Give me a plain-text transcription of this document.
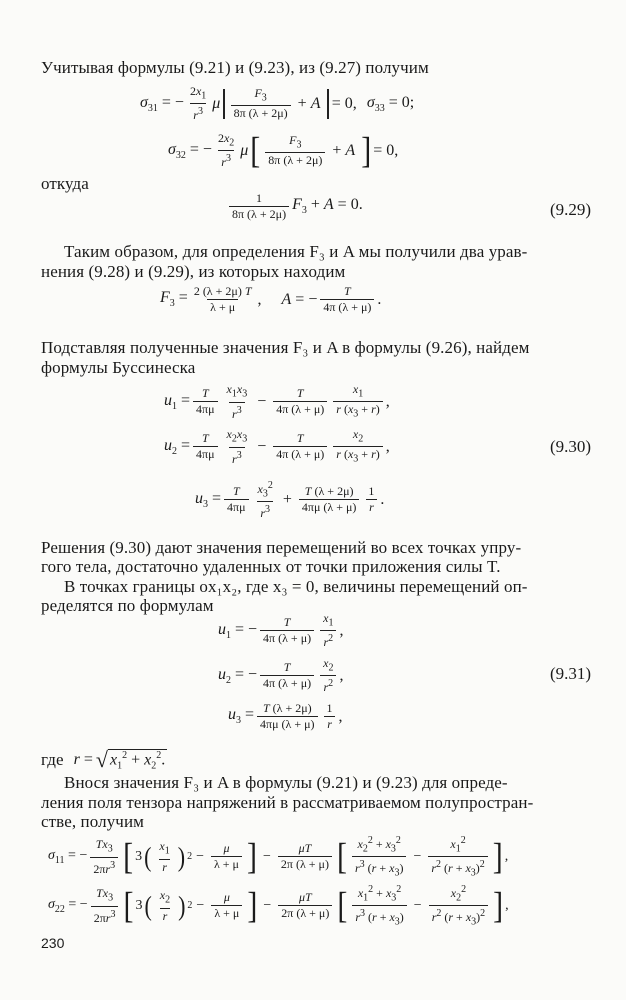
Учитывая формулы (9.21) и (9.23), из (9.27) получим
$\sigma_{31}$ = − $\frac{2x_1}{r^3}$ μ $\frac{F_3}{8\pi (\lambda + 2\mu)} + A = 0$, $\sigma_{33} = 0$;
$\sigma_{32}$ = − $\frac{2x_2}{r^3}$ μ [ $\frac{F_3}{8\pi (\lambda + 2\mu)} + A$ ] = 0,
откуда
$\frac{1}{8\pi (\lambda + 2\mu)} F_3 + A = 0$.	(9.29)
Таким образом, для определения F₃ и A мы получили два урав-
нения (9.28) и (9.29), из которых находим
$F_3 = \frac{2 (\lambda + 2\mu) T}{\lambda + \mu}$ , A = − $\frac{T}{4\pi (\lambda + \mu)}$ .
Подставляя полученные значения F₃ и A в формулы (9.26), найдем
формулы Буссинеска
$u_1 = \frac{T}{4\pi\mu} \frac{x_1x_3}{r^3} - \frac{T}{4\pi (\lambda + \mu)} \frac{x_1}{r (x_3 + r)}$ ,
$u_2 = \frac{T}{4\pi\mu} \frac{x_2x_3}{r^3} - \frac{T}{4\pi (\lambda + \mu)} \frac{x_2}{r (x_3 + r)}$ ,	(9.30)
$u_3 = \frac{T}{4\pi\mu} \frac{x_3^2}{r^3} + \frac{T (\lambda + 2\mu)}{4\pi\mu (\lambda + \mu)} \frac{1}{r}$ .
Решения (9.30) дают значения перемещений во всех точках упру-
гого тела, достаточно удаленных от точки приложения силы T.
В точках границы ox₁x₂, где x₃ = 0, величины перемещений оп-
ределятся по формулам
$u_1$ = − $\frac{T}{4\pi (\lambda + \mu)} \frac{x_1}{r^2}$ ,
$u_2$ = − $\frac{T}{4\pi (\lambda + \mu)} \frac{x_2}{r^2}$ ,	(9.31)
$u_3 = \frac{T (\lambda + 2\mu)}{4\pi\mu (\lambda + \mu)} \frac{1}{r}$ ,
где r = √ $x_1^2 + x_2^2$.
Внося значения F₃ и A в формулы (9.21) и (9.23) для опреде-
ления поля тензора напряжений в рассматриваемом полупростран-
стве, получим
$\sigma_{11}$ = − $\frac{Tx_3}{2\pi r^3}$ [ 3 ( $\frac{x_1}{r}$ ) $2 - \frac{\mu}{\lambda + \mu}$ ] − $\frac{\mu T}{2\pi (\lambda + \mu)}$ [ $\frac{x_2^2 + x_3^2}{r^3 (r + x_3)} - \frac{x_1^2}{r^2 (r + x_3)^2}$ ] ,
$\sigma_{22}$ = − $\frac{Tx_3}{2\pi r^3}$ [ 3 ( $\frac{x_2}{r}$ ) $2 - \frac{\mu}{\lambda + \mu}$ ] − $\frac{\mu T}{2\pi (\lambda + \mu)}$ [ $\frac{x_1^2 + x_3^2}{r^3 (r + x_3)} - \frac{x_2^2}{r^2 (r + x_3)^2}$ ] ,
230
